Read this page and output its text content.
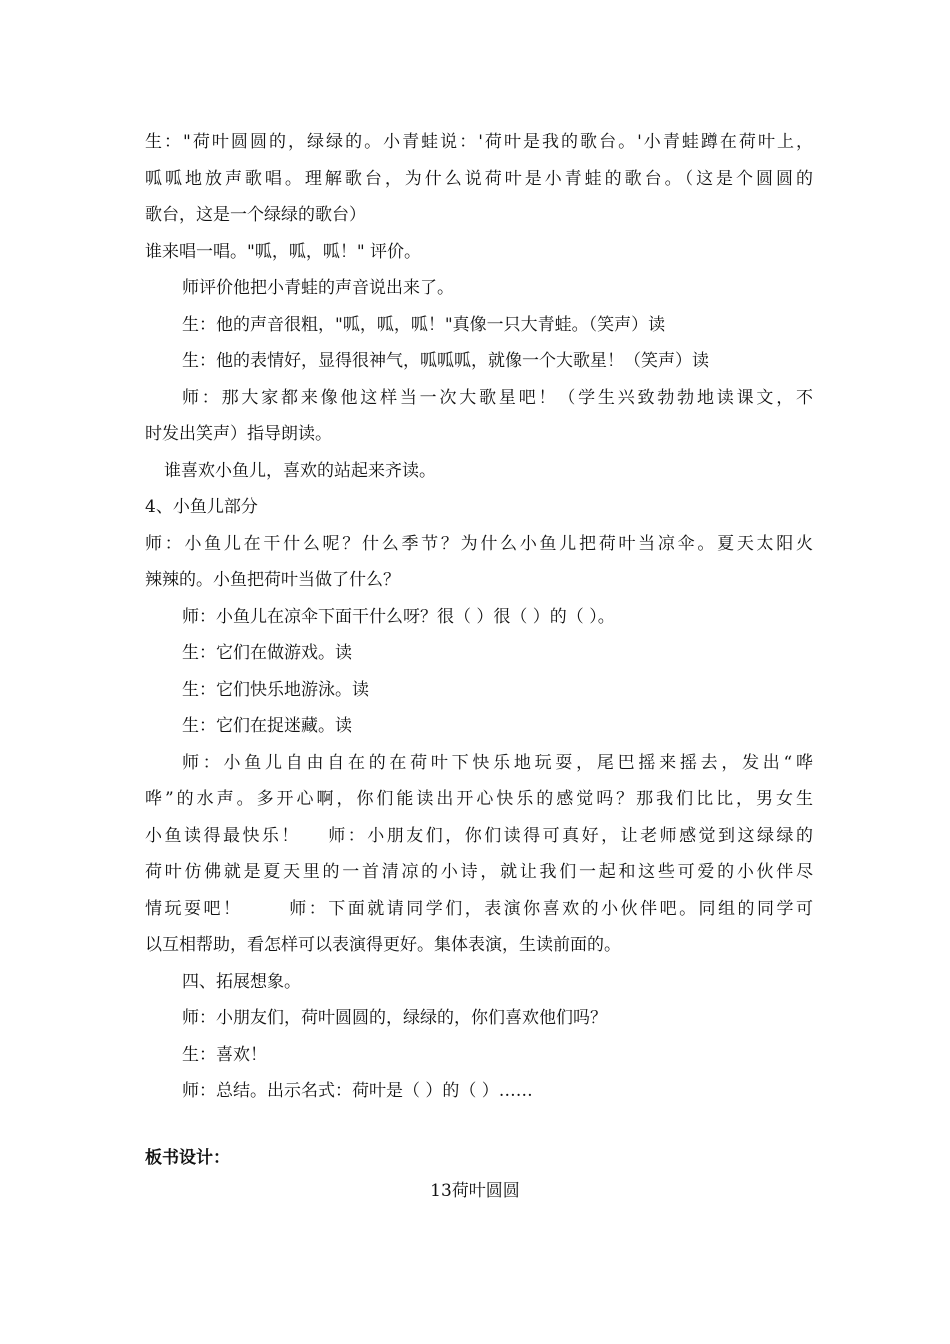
生："荷叶圆圆的，绿绿的。小青蛙说：'荷叶是我的歌台。'小青蛙蹲在荷叶上，
呱呱地放声歌唱。理解歌台，为什么说荷叶是小青蛙的歌台。（这是个圆圆的
歌台，这是一个绿绿的歌台）
谁来唱一唱。"呱，呱，呱！" 评价。
师评价他把小青蛙的声音说出来了。
生：他的声音很粗，"呱，呱，呱！"真像一只大青蛙。（笑声）读
生：他的表情好，显得很神气，呱呱呱，就像一个大歌星！（笑声）读
师：那大家都来像他这样当一次大歌星吧！（学生兴致勃勃地读课文，不
时发出笑声）指导朗读。
谁喜欢小鱼儿，喜欢的站起来齐读。
4、小鱼儿部分
师：小鱼儿在干什么呢？什么季节？为什么小鱼儿把荷叶当凉伞。夏天太阳火
辣辣的。小鱼把荷叶当做了什么？
师：小鱼儿在凉伞下面干什么呀？很（ ）很（ ）的（ ）。
生：它们在做游戏。读
生：它们快乐地游泳。读
生：它们在捉迷藏。读
师：小鱼儿自由自在的在荷叶下快乐地玩耍，尾巴摇来摇去，发出“哗
哗”的水声。多开心啊，你们能读出开心快乐的感觉吗？那我们比比，男女生
小鱼读得最快乐！　 师：小朋友们，你们读得可真好，让老师感觉到这绿绿的
荷叶仿佛就是夏天里的一首清凉的小诗，就让我们一起和这些可爱的小伙伴尽
情玩耍吧！　　 师：下面就请同学们，表演你喜欢的小伙伴吧。同组的同学可
以互相帮助，看怎样可以表演得更好。集体表演，生读前面的。
四、拓展想象。
师：小朋友们，荷叶圆圆的，绿绿的，你们喜欢他们吗？
生：喜欢！
师：总结。出示名式：荷叶是（ ）的（ ）……
板书设计：
13荷叶圆圆
